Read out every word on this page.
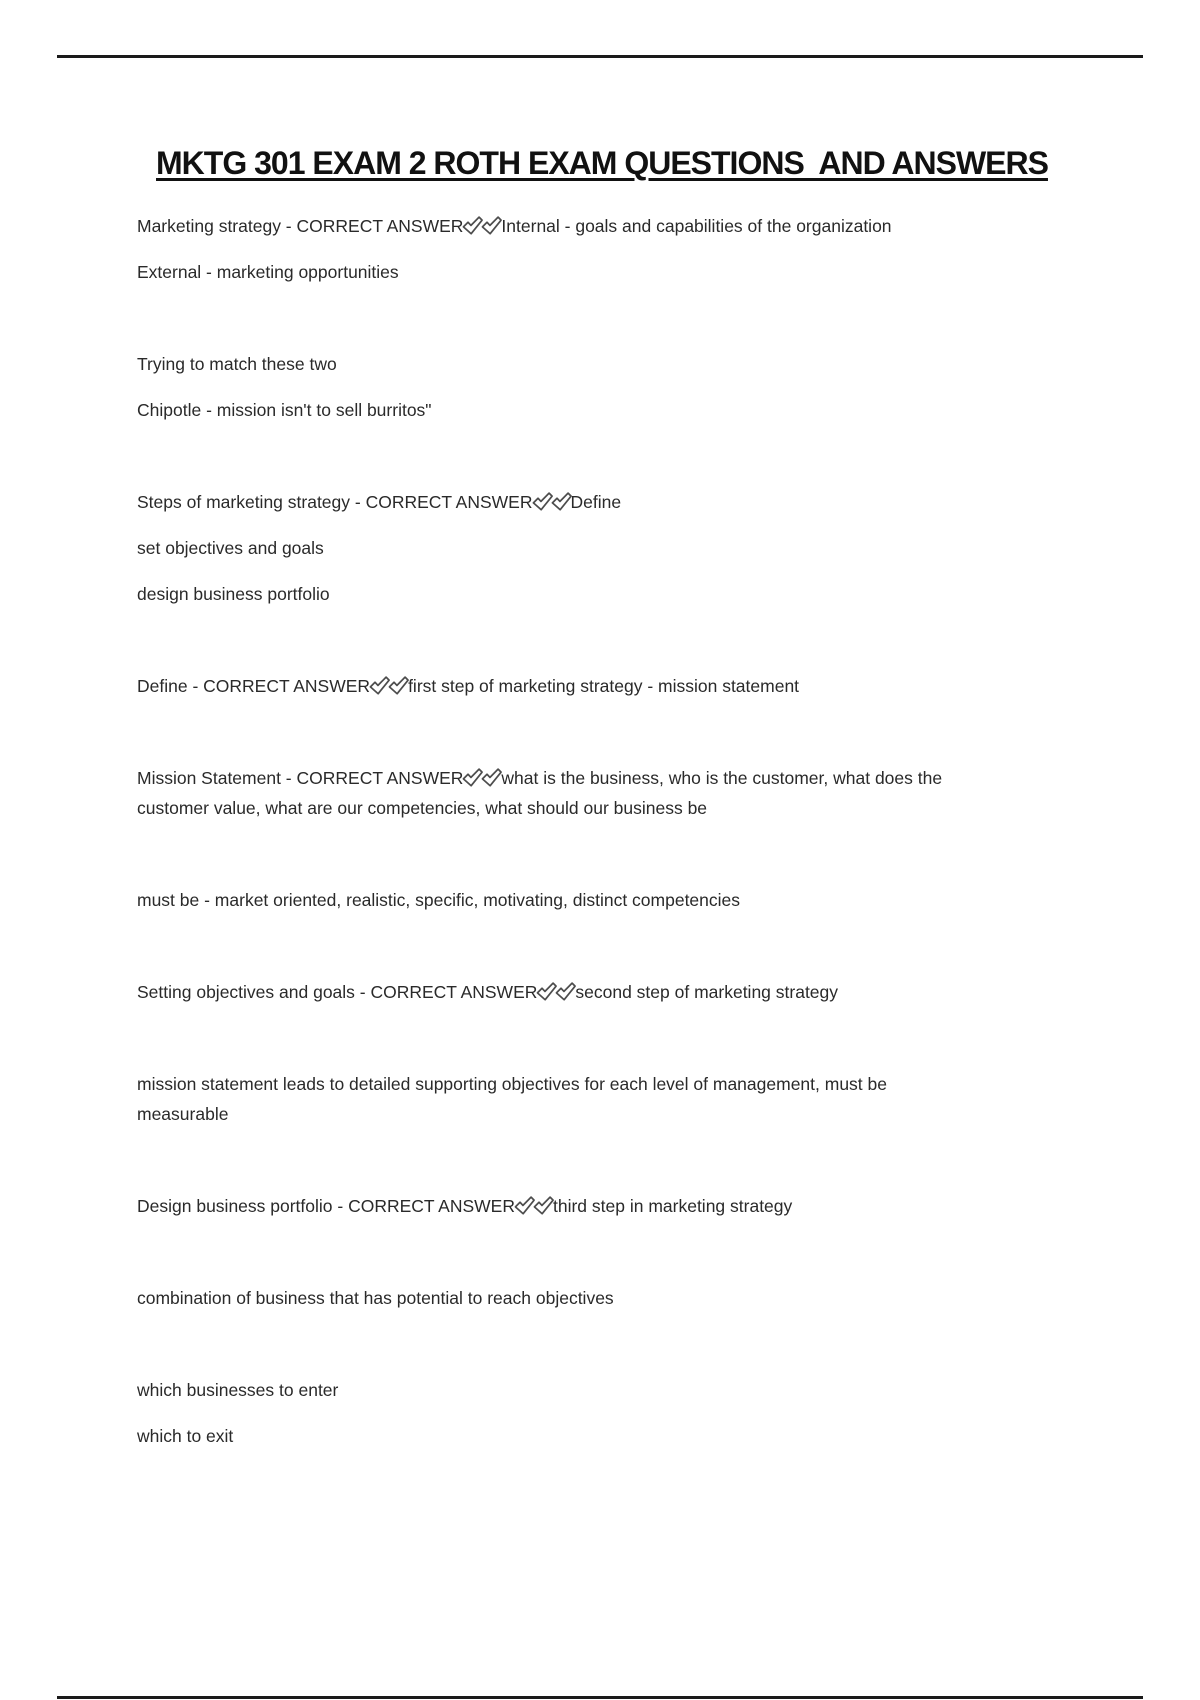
MKTG 301 EXAM 2 ROTH EXAM QUESTIONS  AND ANSWERS

Marketing strategy - CORRECT ANSWER Internal - goals and capabilities of the organization

External - marketing opportunities

Trying to match these two

Chipotle - mission isn't to sell burritos"

Steps of marketing strategy - CORRECT ANSWER Define

set objectives and goals

design business portfolio

Define - CORRECT ANSWER first step of marketing strategy - mission statement

Mission Statement - CORRECT ANSWER what is the business, who is the customer, what does the
customer value, what are our competencies, what should our business be

must be - market oriented, realistic, specific, motivating, distinct competencies

Setting objectives and goals - CORRECT ANSWER second step of marketing strategy

mission statement leads to detailed supporting objectives for each level of management, must be
measurable

Design business portfolio - CORRECT ANSWER third step in marketing strategy

combination of business that has potential to reach objectives

which businesses to enter

which to exit
